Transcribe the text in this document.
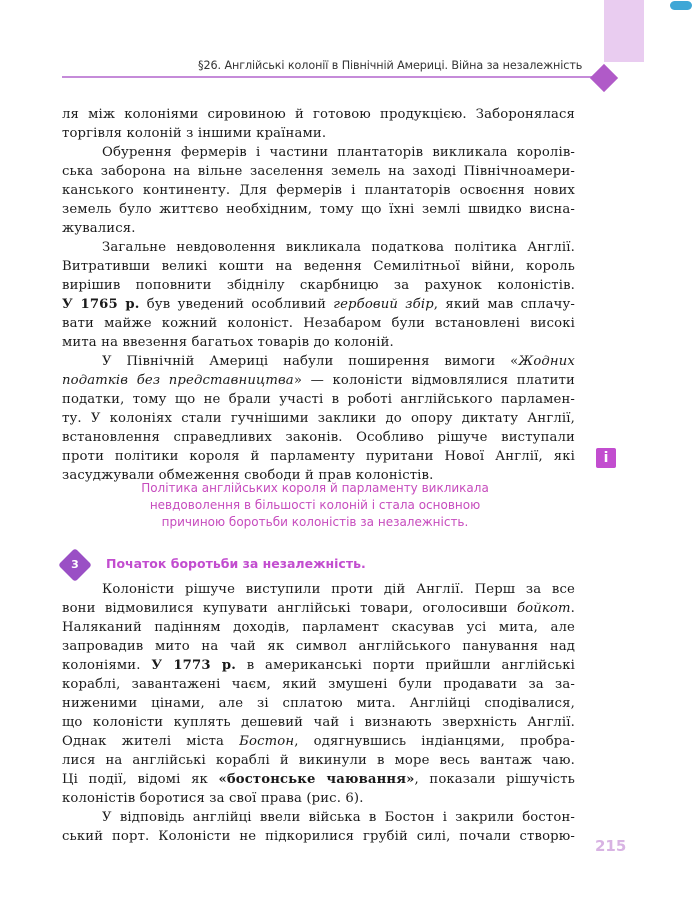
§26. Англійські колонії в Північній Америці. Війна за незалежність
ля між колоніями сировиною й готовою продукцією. Заборонялася
торгівля колоній з іншими країнами.
Обурення фермерів і частини плантаторів викликала королів-
ська заборона на вільне заселення земель на заході Північноамери-
канського континенту. Для фермерів і плантаторів освоєння нових
земель було життєво необхідним, тому що їхні землі швидко висна-
жувалися.
Загальне невдоволення викликала податкова політика Англії.
Витративши великі кошти на ведення Семилітньої війни, король
вирішив поповнити збіднілу скарбницю за рахунок колоністів.
У 1765 р. був уведений особливий гербовий збір, який мав сплачу-
вати майже кожний колоніст. Незабаром були встановлені високі
мита на ввезення багатьох товарів до колоній.
У Північній Америці набули поширення вимоги «Жодних
податків без представництва» — колоністи відмовлялися платити
податки, тому що не брали участі в роботі англійського парламен-
ту. У колоніях стали гучнішими заклики до опору диктату Англії,
встановлення справедливих законів. Особливо рішуче виступали
проти політики короля й парламенту пуритани Нової Англії, які
засуджували обмеження свободи й прав колоністів.
i
Політика англійських короля й парламенту викликала
невдоволення в більшості колоній і стала основною
причиною боротьби колоністів за незалежність.
3	Початок боротьби за незалежність.
Колоністи рішуче виступили проти дій Англії. Перш за все
вони відмовилися купувати англійські товари, оголосивши бойкот.
Наляканий падінням доходів, парламент скасував усі мита, але
запровадив мито на чай як символ англійського панування над
колоніями. У 1773 р. в американські порти прийшли англійські
кораблі, завантажені чаєм, який змушені були продавати за за-
ниженими цінами, але зі сплатою мита. Англійці сподівалися,
що колоністи куплять дешевий чай і визнають зверхність Англії.
Однак жителі міста Бостон, одягнувшись індіанцями, пробра-
лися на англійські кораблі й викинули в море весь вантаж чаю.
Ці події, відомі як «бостонське чаювання», показали рішучість
колоністів боротися за свої права (рис. 6).
У відповідь англійці ввели війська в Бостон і закрили бостон-
ський порт. Колоністи не підкорилися грубій силі, почали створю-
215
